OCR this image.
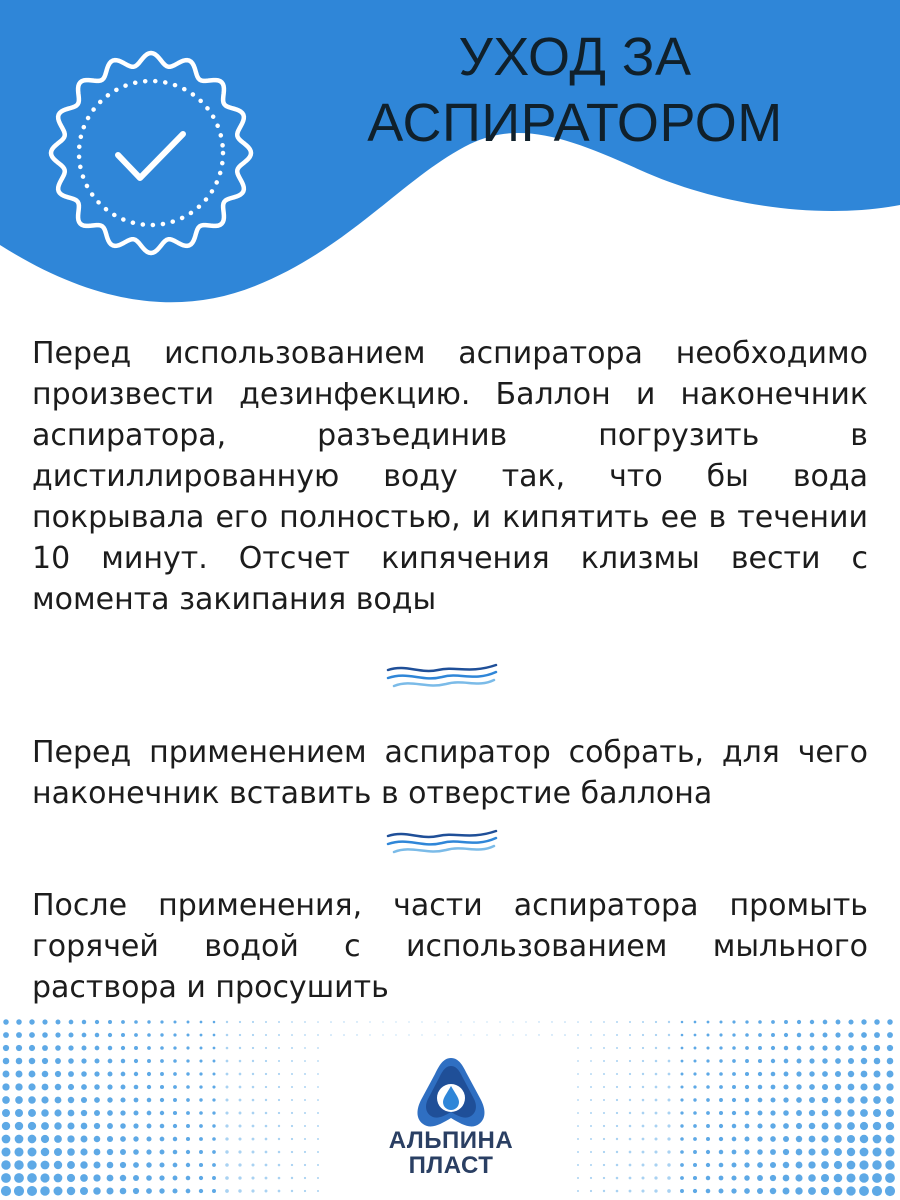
УХОД ЗА
АСПИРАТОРОМ
Перед использованием аспиратора необходимо произвести дезинфекцию. Баллон и наконечник аспиратора, разъединив погрузить в дистиллированную воду так, что бы вода покрывала его полностью, и кипятить ее в течении 10 минут. Отсчет кипячения клизмы вести с момента закипания воды
Перед применением аспиратор собрать, для чего наконечник вставить в отверстие баллона
После применения, части аспиратора промыть горячей водой с использованием мыльного раствора и просушить
АЛЬПИНА
ПЛАСТ
